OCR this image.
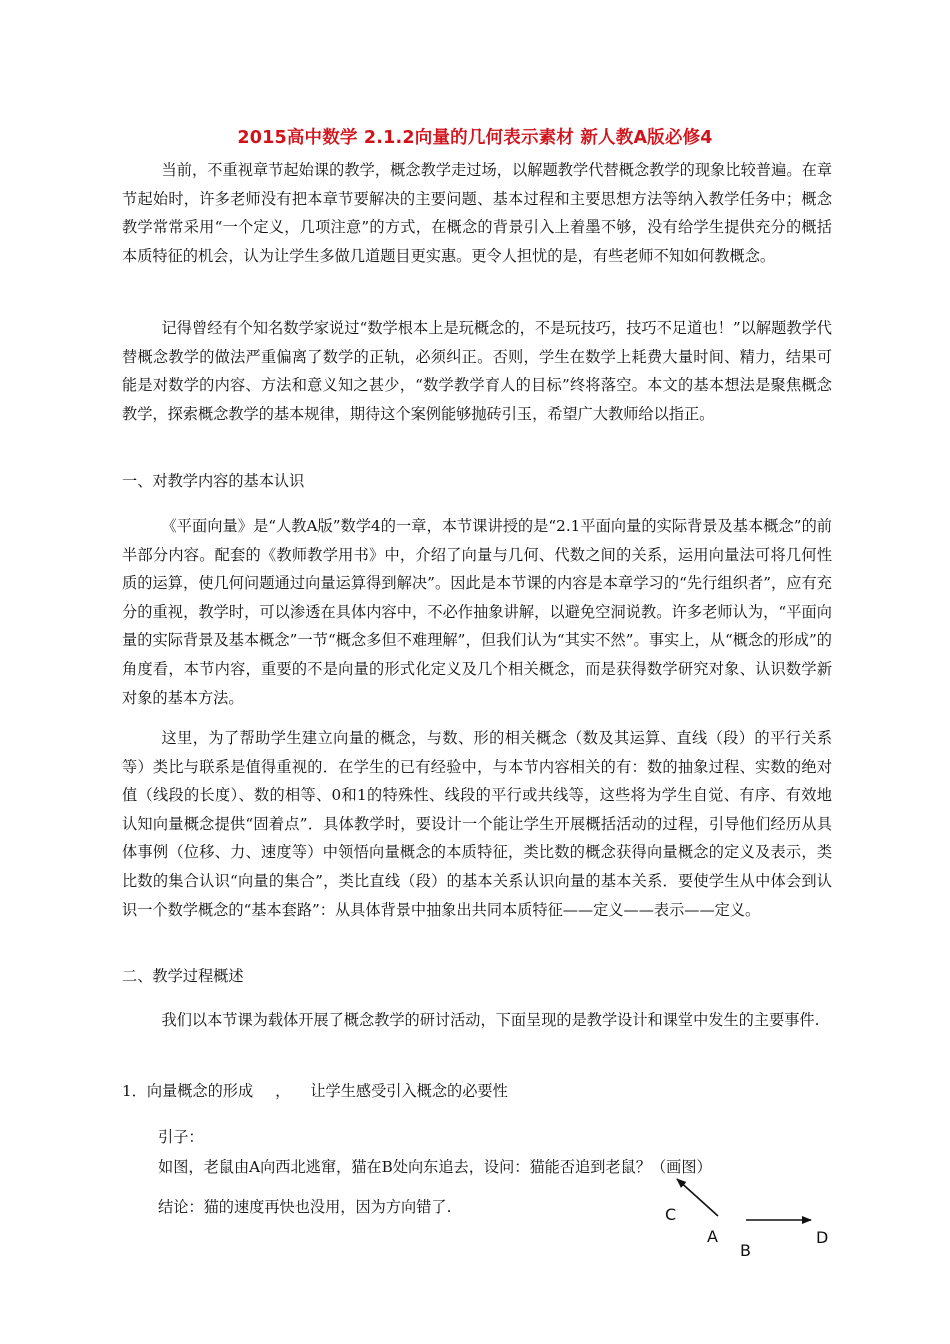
2015高中数学 2.1.2向量的几何表示素材 新人教A版必修4

当前，不重视章节起始课的教学，概念教学走过场，以解题教学代替概念教学的现象比较普遍。在章节起始时，许多老师没有把本章节要解决的主要问题、基本过程和主要思想方法等纳入教学任务中；概念教学常常采用“一个定义，几项注意”的方式，在概念的背景引入上着墨不够，没有给学生提供充分的概括本质特征的机会，认为让学生多做几道题目更实惠。更令人担忧的是，有些老师不知如何教概念。

记得曾经有个知名数学家说过“数学根本上是玩概念的，不是玩技巧，技巧不足道也！”以解题教学代替概念教学的做法严重偏离了数学的正轨，必须纠正。否则，学生在数学上耗费大量时间、精力，结果可能是对数学的内容、方法和意义知之甚少，“数学教学育人的目标”终将落空。本文的基本想法是聚焦概念教学，探索概念教学的基本规律，期待这个案例能够抛砖引玉，希望广大教师给以指正。

一、对教学内容的基本认识

《平面向量》是“人教A版”数学4的一章，本节课讲授的是“2.1平面向量的实际背景及基本概念”的前半部分内容。配套的《教师教学用书》中，介绍了向量与几何、代数之间的关系，运用向量法可将几何性质的运算，使几何问题通过向量运算得到解决”。因此是本节课的内容是本章学习的“先行组织者”，应有充分的重视，教学时，可以渗透在具体内容中，不必作抽象讲解，以避免空洞说教。许多老师认为，“平面向量的实际背景及基本概念”一节“概念多但不难理解”，但我们认为“其实不然”。事实上，从“概念的形成”的角度看，本节内容，重要的不是向量的形式化定义及几个相关概念，而是获得数学研究对象、认识数学新对象的基本方法。

这里，为了帮助学生建立向量的概念，与数、形的相关概念（数及其运算、直线（段）的平行关系等）类比与联系是值得重视的．在学生的已有经验中，与本节内容相关的有：数的抽象过程、实数的绝对值（线段的长度）、数的相等、0和1的特殊性、线段的平行或共线等，这些将为学生自觉、有序、有效地认知向量概念提供“固着点”．具体教学时，要设计一个能让学生开展概括活动的过程，引导他们经历从具体事例（位移、力、速度等）中领悟向量概念的本质特征，类比数的概念获得向量概念的定义及表示，类比数的集合认识“向量的集合”，类比直线（段）的基本关系认识向量的基本关系．要使学生从中体会到认识一个数学概念的“基本套路”：从具体背景中抽象出共同本质特征——定义——表示——定义。

二、教学过程概述

我们以本节课为载体开展了概念教学的研讨活动，下面呈现的是教学设计和课堂中发生的主要事件.

1．向量概念的形成 ， 让学生感受引入概念的必要性
引子：
如图，老鼠由A向西北逃窜，猫在B处向东追去，设问：猫能否追到老鼠？（画图）
结论：猫的速度再快也没用，因为方向错了.	C
A
B
D
